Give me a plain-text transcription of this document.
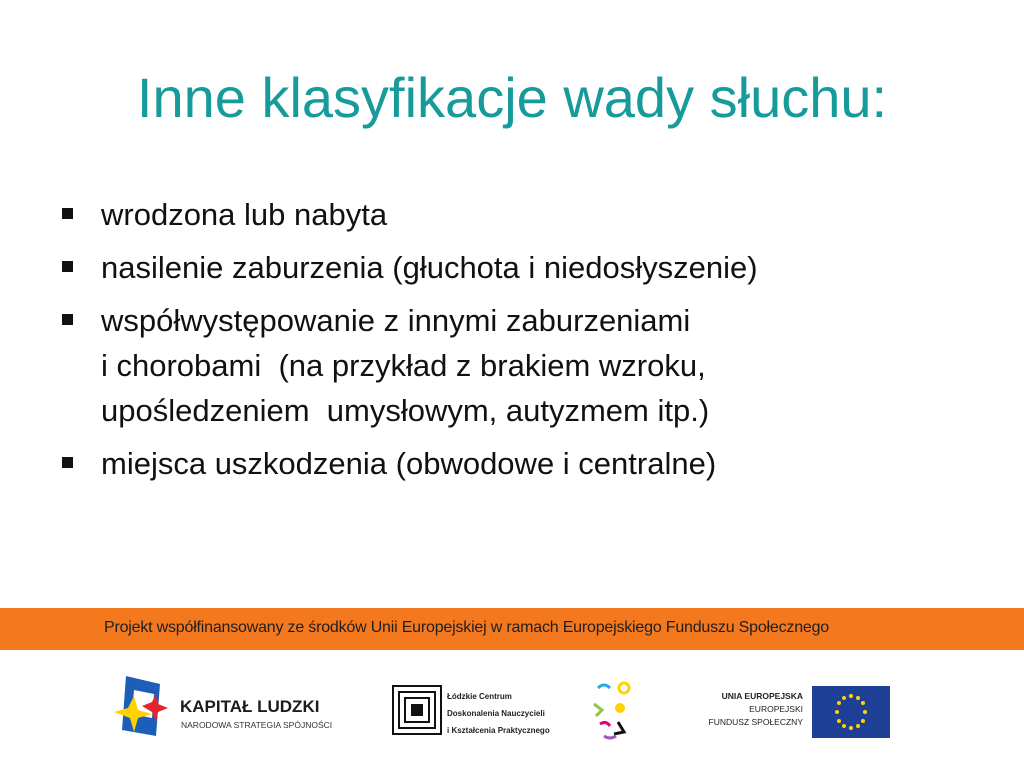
Inne klasyfikacje wady słuchu:
wrodzona lub nabyta
nasilenie zaburzenia (głuchota i niedosłyszenie)
współwystępowanie z innymi zaburzeniami
i chorobami  (na przykład z brakiem wzroku,
upośledzeniem  umysłowym, autyzmem itp.)
miejsca uszkodzenia (obwodowe i centralne)
Projekt współfinansowany ze środków Unii Europejskiej w ramach Europejskiego Funduszu Społecznego
KAPITAŁ LUDZKI
NARODOWA STRATEGIA SPÓJNOŚCI
Łódzkie Centrum
Doskonalenia Nauczycieli
i Kształcenia Praktycznego
UNIA EUROPEJSKA
EUROPEJSKI
FUNDUSZ SPOŁECZNY
